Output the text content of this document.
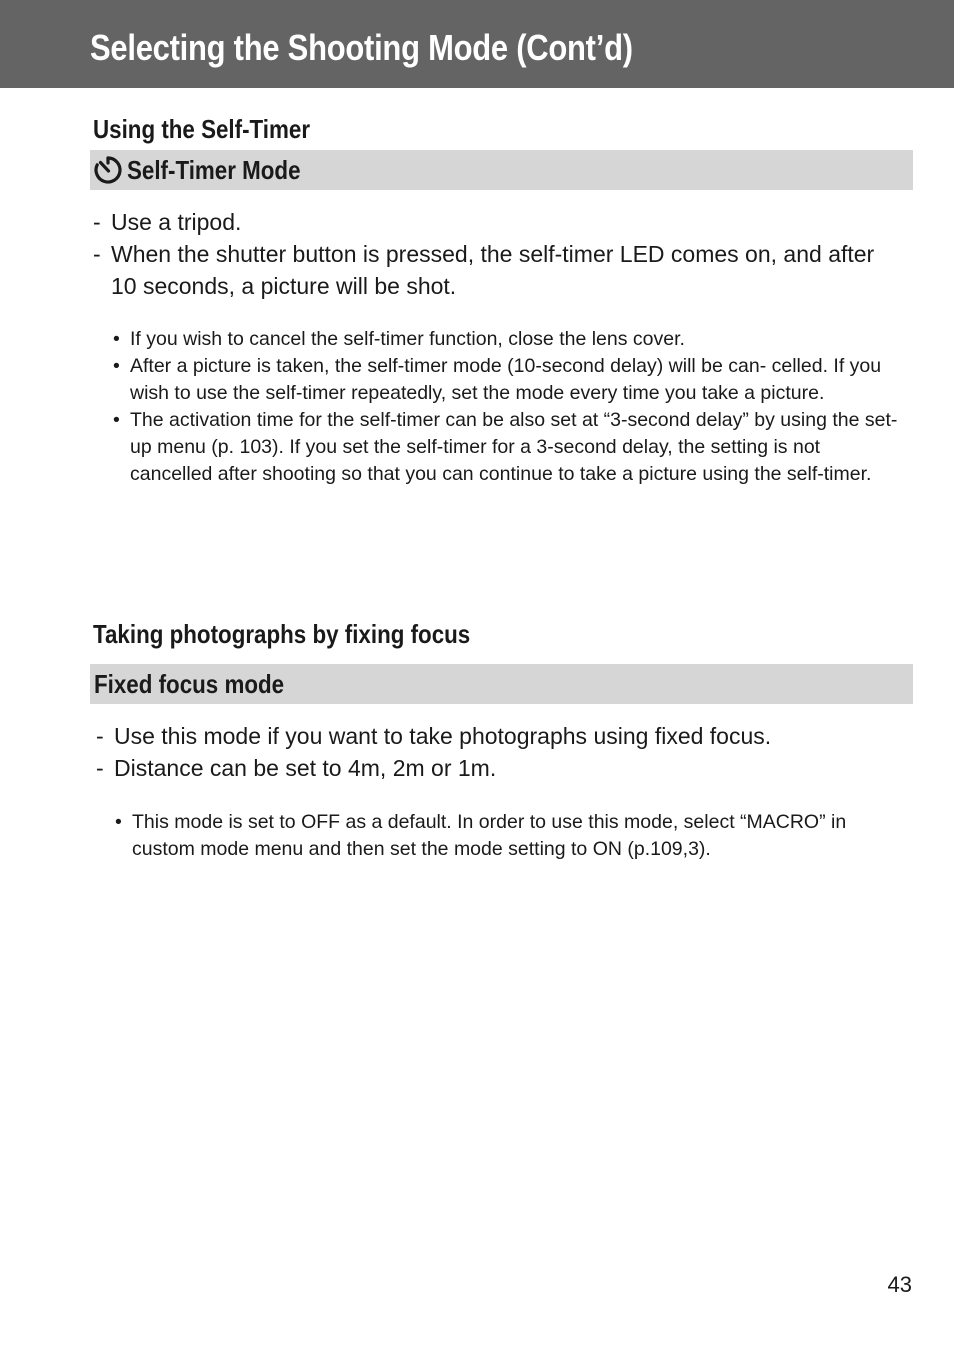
Selecting the Shooting Mode (Cont’d)
Using the Self-Timer
Self-Timer Mode
- Use a tripod.
- When the shutter button is pressed, the self-timer LED comes on, and after 10 seconds, a picture will be shot.
• If you wish to cancel the self-timer function, close the lens cover.
• After a picture is taken, the self-timer mode (10-second delay) will be can- celled. If you wish to use the self-timer repeatedly, set the mode every time you take a picture.
• The activation time for the self-timer can be also set at “3-second delay” by using the set-up menu (p. 103). If you set the self-timer for a 3-second delay, the setting is not cancelled after shooting so that you can continue to take a picture using the self-timer.
Taking photographs by fixing focus
Fixed focus mode
- Use this mode if you want to take photographs using fixed focus.
- Distance can be set to 4m, 2m or 1m.
• This mode is set to OFF as a default. In order to use this mode, select “MACRO” in custom mode menu and then set the mode setting to ON (p.109,3).
43
